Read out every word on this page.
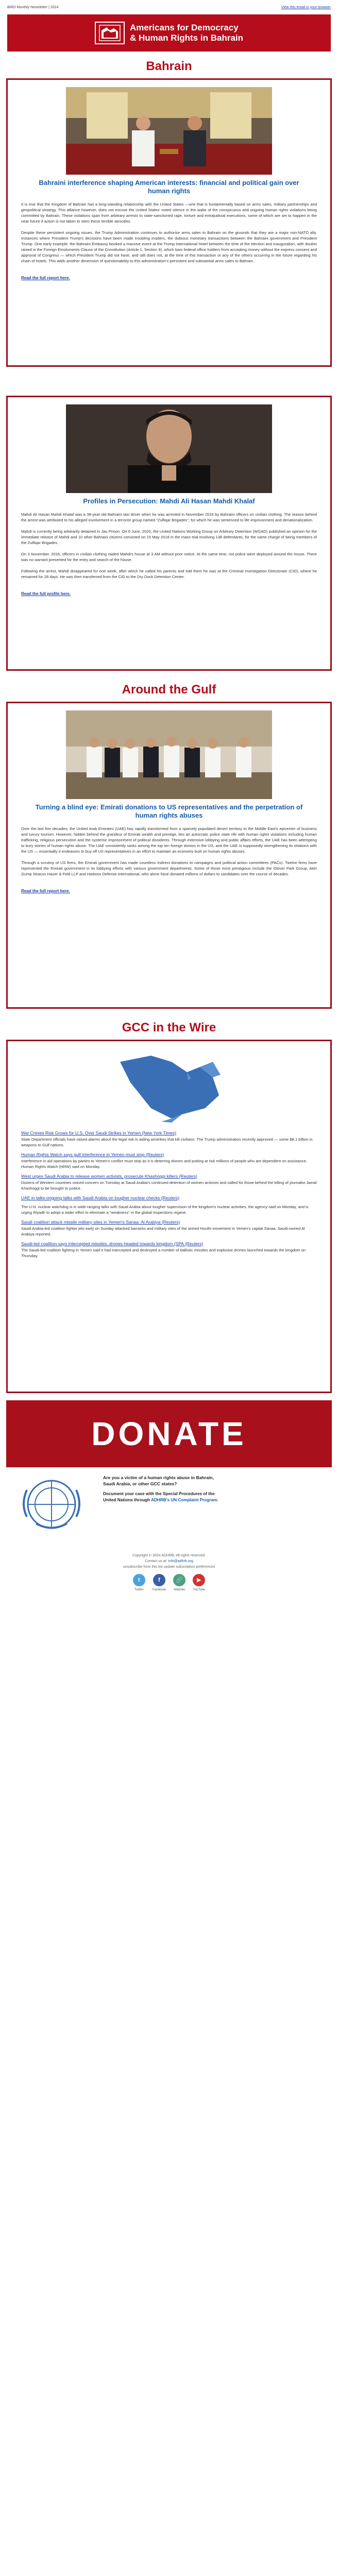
BIRD Monthly Newsletter | 2024	View this email in your browser
Americans for Democracy
& Human Rights in Bahrain
Bahrain
Bahraini interference shaping American interests: financial and political gain over human rights

It is true that the Kingdom of Bahrain has a long-standing relationship with the United States —one that is fundamentally based on arms sales, military partnerships and geopolitical strategy. This alliance however, does not excuse the United States' noted silence in the wake of the conspicuous and ongoing human rights violations being committed by Bahrain. These violations span from arbitrary arrests to state-sanctioned rape, torture and extrajudicial executions, some of which are set to happen in the near future if action is not taken to stem these terrible atrocities.

Despite these persistent ongoing issues, the Trump Administration continues to authorize arms sales to Bahrain on the grounds that they are a major non-NATO ally. Instances where President Trump's decisions have been made troubling insiders, the dubious monetary transactions between the Bahraini government and President Trump. One early example: the Bahraini Embassy booked a massive event at the Trump International Hotel between the time of the election and inauguration, with doubts raised in the Foreign Emoluments Clause of the Constitution (Article 1, Section 9), which bars federal office holders from accepting money without the express consent and approval of Congress — which President Trump did not have, and still does not, at the time of this transaction or any of the others occurring in the future regarding his chain of hotels. This adds another dimension of questionability to this administration's persistent and substantial arms sales to Bahrain.

Read the full report here.
Profiles in Persecution: Mahdi Ali Hasan Mahdi Khalaf

Mahdi Ali Hasan Mahdi Khalaf was a 38-year-old Bahraini taxi driver when he was arrested in November 2016 by Bahraini officers on civilian clothing. The reason behind the arrest was attributed to his alleged involvement in a terrorist group named "Zulfiqar Brigades", for which he was sentenced to life imprisonment and denationalization.

Mahdi is currently being arbitrarily detained in Jau Prison. On 9 June, 2020, the United Nations Working Group on Arbitrary Detention (WGAD) published an opinion for the immediate release of Mahdi and 10 other Bahraini citizens convicted on 15 May 2018 in the mass trial involving 138 defendants, for the same charge of being members of the Zulfiqar Brigades.

On 3 November, 2016, officers in civilian clothing raided Mahdi's house at 3 AM without prior notice. At the same time, riot police were deployed around the house. There was no warrant presented for the entry and search of the house.

Following the arrest, Mahdi disappeared for one week, after which he called his parents and told them he was at the Criminal Investigation Directorate (CID), where he remained for 28 days. He was then transferred from the CID to the Dry Dock Detention Center.

Read the full profile here.
Around the Gulf
Turning a blind eye: Emirati donations to US representatives and the perpetration of human rights abuses

Over the last five decades, the United Arab Emirates (UAE) has rapidly transformed from a sparsely populated desert territory to the Middle East's epicenter of business and luxury tourism. However, hidden behind the grandeur of Emirati wealth and prestige, lies an autocratic police state rife with human rights violations including human trafficking, religious persecution and the systemic imprisonment of political dissidents. Through extensive lobbying and public affairs efforts, the UAE has been attempting to bury stories of human rights abuse. The UAE consistently ranks among the top ten foreign donors in the US, and the UAE is supposedly strengthening its relations with the US — essentially it endeavors to buy off US representatives in an effort to maintain an economy built on human rights abuses.

Through a scrutiny of US firms, the Emirati government has made countless indirect donations to campaigns and political action committees (PACs). Twelve firms have represented the Emirati government in its lobbying efforts with various government departments. Some of those most prestigious include the Glover Park Group, Akin Gump Strauss Hauer & Feld LLP and Harbour Defense International, who alone have donated millions of dollars to candidates over the course of decades.

Read the full report here.
GCC in the Wire
War Crimes Risk Grows for U.S. Over Saudi Strikes in Yemen (New York Times)
State Department officials have raised alarms about the legal risk in aiding airstrikes that kill civilians. The Trump administration recently approved — some $8.1 billion in weapons to Gulf nations.
Human Rights Watch says gulf interference in Yemen must stop (Reuters)
Interference in aid operations by parties to Yemen's conflict must stop as it is deterring donors and putting at risk millions of people who are dependent on assistance, Human Rights Watch (HRW) said on Monday.
West urges Saudi Arabia to release women activists, prosecute Khashoggi killers (Reuters)
Dozens of Western countries voiced concern on Tuesday at Saudi Arabia's continued detention of women activists and called for those behind the killing of journalist Jamal Khashoggi to be brought to justice.
UAE in talks-ongoing talks with Saudi Arabia on tougher nuclear checks (Reuters)
The U.N. nuclear watchdog is in wide-ranging talks with Saudi Arabia about tougher supervision of the kingdom's nuclear activities, the agency said on Monday, and is urging Riyadh to adopt a wider effort to eliminate a "weakness" in the global inspections regime.
Saudi coalition attack missile military sites in Yemen's Sanaa: Al Arabiya (Reuters)
Saudi Arabia-led coalition fighter jets early on Sunday attacked barracks and military sites of the armed Houthi movement in Yemen's capital Sanaa, Saudi-owned Al Arabiya reported.
Saudi-led coalition says intercepted missiles, drones headed towards kingdom (SPA (Reuters)
The Saudi-led coalition fighting in Yemen said it had intercepted and destroyed a number of ballistic missiles and explosive drones launched towards the kingdom on Thursday.
DONATE
Are you a victim of a human rights abuse in Bahrain, Saudi Arabia, or other GCC states?
Document your case with the Special Procedures of the United Nations through ADHRB's UN Complaint Program.
Copyright © 2024 ADHRB, All rights reserved.
Contact us at: info@adhrb.org
unsubscribe from this list update subscription preferences
t
Twitter
f
Facebook
🔗
Website
▶
YouTube
